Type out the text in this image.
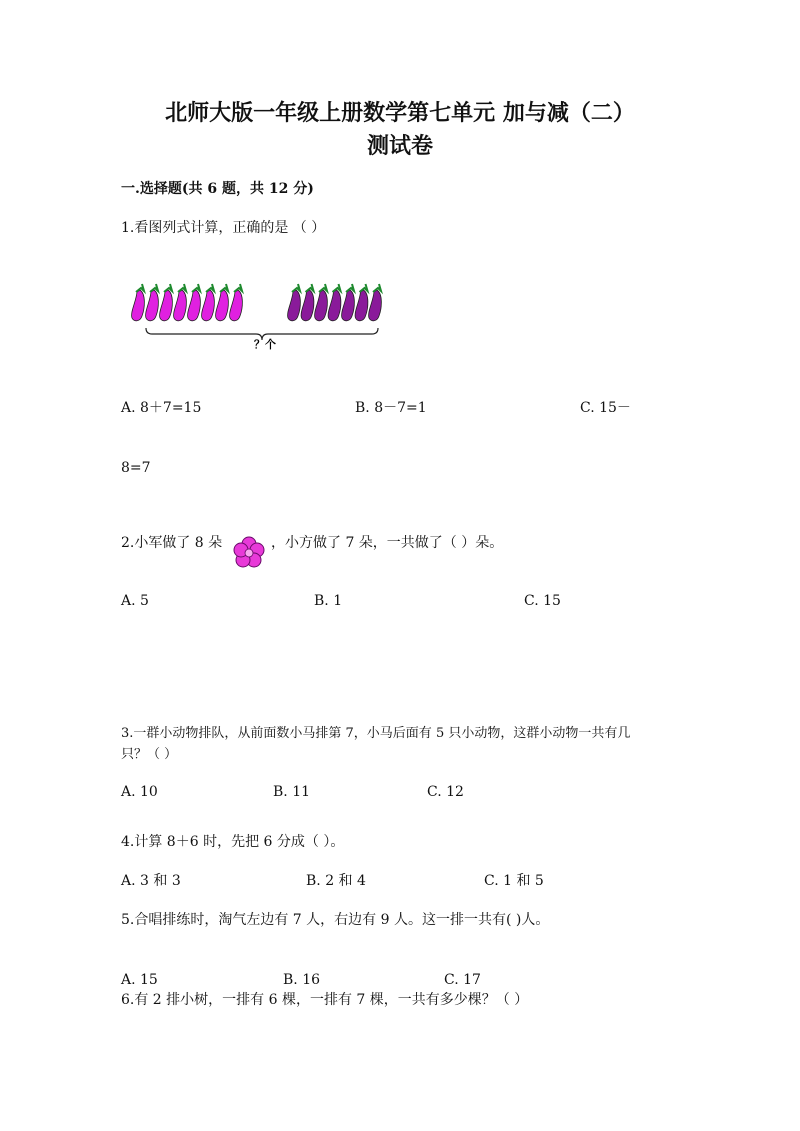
北师大版一年级上册数学第七单元 加与减（二）
测试卷
一.选择题(共 6 题，共 12 分)
1.看图列式计算，正确的是 （ ）
？个
A. 8＋7=15	B. 8－7=1	C. 15－
8=7
2.小军做了 8 朵	，小方做了 7 朵，一共做了（ ）朵。
A. 5	B. 1	C. 15
3.一群小动物排队，从前面数小马排第 7，小马后面有 5 只小动物，这群小动物一共有几
只？（ ）
A. 10	B. 11	C. 12
4.计算 8＋6 时，先把 6 分成（ ）。
A. 3 和 3	B. 2 和 4	C. 1 和 5
5.合唱排练时，淘气左边有 7 人，右边有 9 人。这一排一共有( )人。
A. 15	B. 16	C. 17
6.有 2 排小树，一排有 6 棵，一排有 7 棵，一共有多少棵？（ ）
